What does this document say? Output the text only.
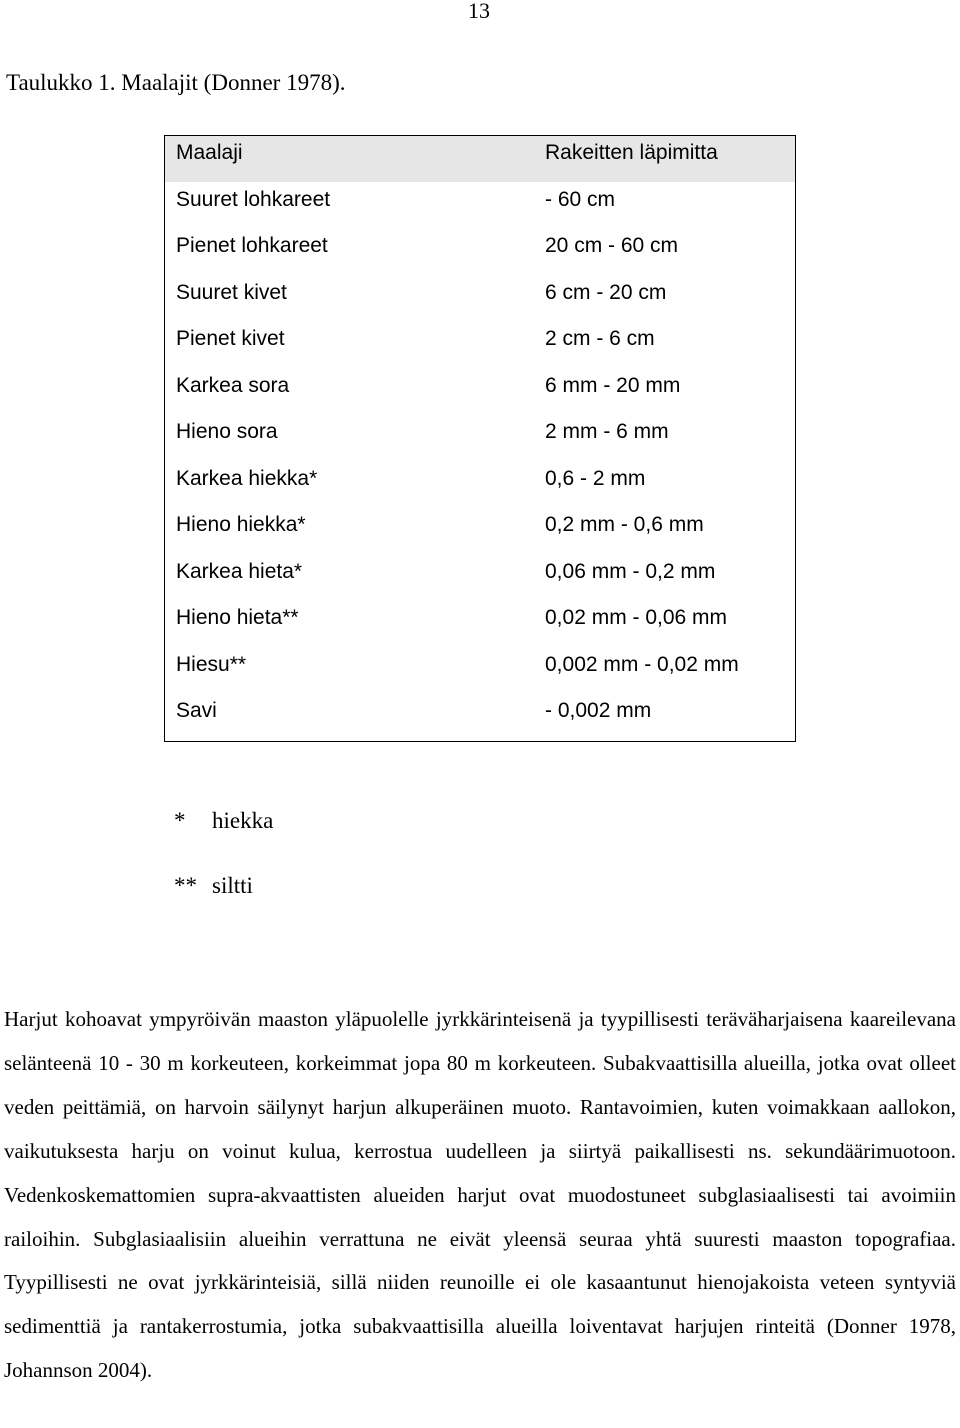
13
Taulukko 1. Maalajit (Donner 1978).
Maalaji	Rakeitten läpimitta
Suuret lohkareet	- 60 cm
Pienet lohkareet	20 cm - 60 cm
Suuret kivet	6 cm - 20 cm
Pienet kivet	2 cm - 6 cm
Karkea sora	6 mm - 20 mm
Hieno sora	2 mm - 6 mm
Karkea hiekka*	0,6 - 2 mm
Hieno hiekka*	0,2 mm - 0,6 mm
Karkea hieta*	0,06 mm - 0,2 mm
Hieno hieta**	0,02 mm - 0,06 mm
Hiesu**	0,002 mm - 0,02 mm
Savi	- 0,002 mm
* hiekka
** siltti

Harjut kohoavat ympyröivän maaston yläpuolelle jyrkkärinteisenä ja tyypillisesti teräväharjaisena kaareilevana selänteenä 10 - 30 m korkeuteen, korkeimmat jopa 80 m korkeuteen. Subakvaattisilla alueilla, jotka ovat olleet veden peittämiä, on harvoin säilynyt harjun alkuperäinen muoto. Rantavoimien, kuten voimakkaan aallokon, vaikutuksesta harju on voinut kulua, kerrostua uudelleen ja siirtyä paikallisesti ns. sekundäärimuotoon. Vedenkoskemattomien supra-akvaattisten alueiden harjut ovat muodostuneet subglasiaalisesti tai avoimiin railoihin. Subglasiaalisiin alueihin verrattuna ne eivät yleensä seuraa yhtä suuresti maaston topografiaa. Tyypillisesti ne ovat jyrkkärinteisiä, sillä niiden reunoille ei ole kasaantunut hienojakoista veteen syntyviä sedimenttiä ja rantakerrostumia, jotka subakvaattisilla alueilla loiventavat harjujen rinteitä (Donner 1978, Johannson 2004).
